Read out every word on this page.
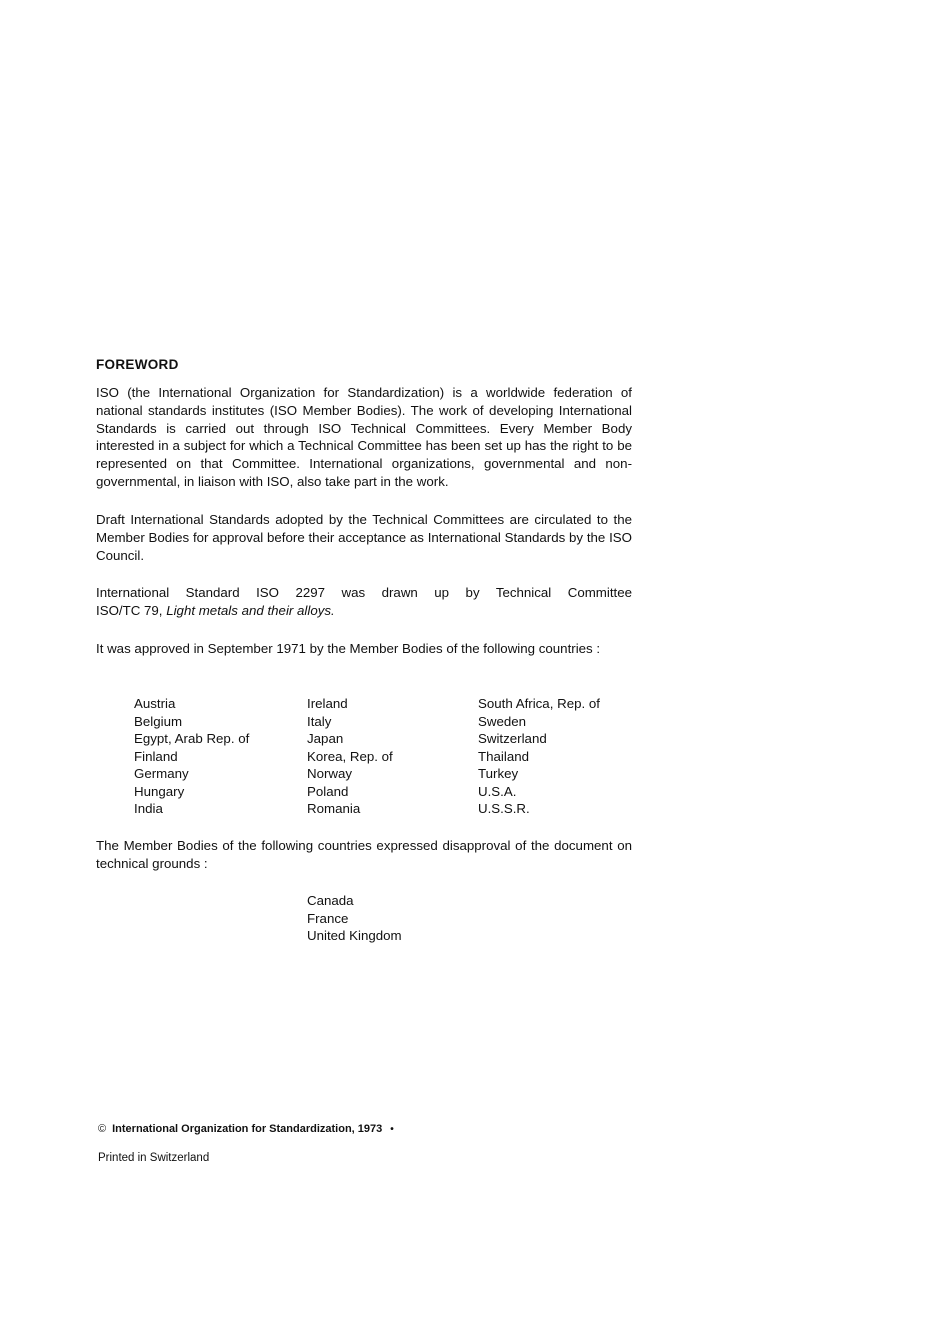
FOREWORD

ISO (the International Organization for Standardization) is a worldwide federation of national standards institutes (ISO Member Bodies). The work of developing International Standards is carried out through ISO Technical Committees. Every Member Body interested in a subject for which a Technical Committee has been set up has the right to be represented on that Committee. International organizations, governmental and non-governmental, in liaison with ISO, also take part in the work.

Draft International Standards adopted by the Technical Committees are circulated to the Member Bodies for approval before their acceptance as International Standards by the ISO Council.

International Standard ISO 2297 was drawn up by Technical Committee
ISO/TC 79, Light metals and their alloys.

It was approved in September 1971 by the Member Bodies of the following countries :

Austria
Belgium
Egypt, Arab Rep. of
Finland
Germany
Hungary
India
Ireland
Italy
Japan
Korea, Rep. of
Norway
Poland
Romania
South Africa, Rep. of
Sweden
Switzerland
Thailand
Turkey
U.S.A.
U.S.S.R.

The Member Bodies of the following countries expressed disapproval of the document on technical grounds :

Canada
France
United Kingdom
© International Organization for Standardization, 1973 •
Printed in Switzerland
